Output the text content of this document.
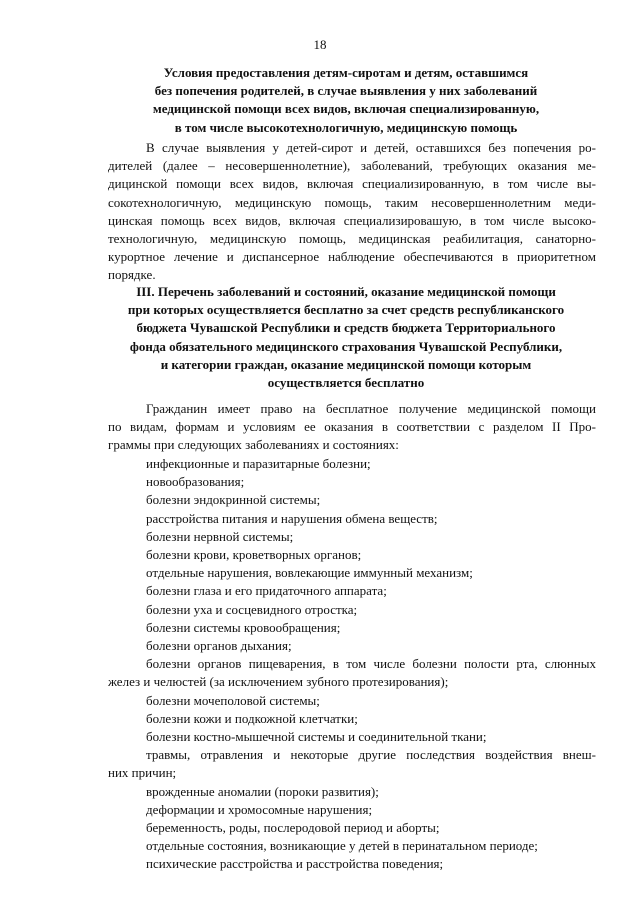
18
Условия предоставления детям-сиротам и детям, оставшимся
без попечения родителей, в случае выявления у них заболеваний
медицинской помощи всех видов, включая специализированную,
в том числе высокотехнологичную, медицинскую помощь
В случае выявления у детей-сирот и детей, оставшихся без попечения ро-
дителей (далее – несовершеннолетние), заболеваний, требующих оказания ме-
дицинской помощи всех видов, включая специализированную, в том числе вы-
сокотехнологичную, медицинскую помощь, таким несовершеннолетним меди-
цинская помощь всех видов, включая специализировашую, в том числе высоко-
технологичную, медицинскую помощь, медицинская реабилитация, санаторно-
курортное лечение и диспансерное наблюдение обеспечиваются в приоритетном
порядке.
III. Перечень заболеваний и состояний, оказание медицинской помощи
при которых осуществляется бесплатно за счет средств республиканского
бюджета Чувашской Республики и средств бюджета Территориального
фонда обязательного медицинского страхования Чувашской Республики,
и категории граждан, оказание медицинской помощи которым
осуществляется бесплатно
Гражданин имеет право на бесплатное получение медицинской помощи
по видам, формам и условиям ее оказания в соответствии с разделом II Про-
граммы при следующих заболеваниях и состояниях:
инфекционные и паразитарные болезни;
новообразования;
болезни эндокринной системы;
расстройства питания и нарушения обмена веществ;
болезни нервной системы;
болезни крови, кроветворных органов;
отдельные нарушения, вовлекающие иммунный механизм;
болезни глаза и его придаточного аппарата;
болезни уха и сосцевидного отростка;
болезни системы кровообращения;
болезни органов дыхания;
болезни органов пищеварения, в том числе болезни полости рта, слюнных
желез и челюстей (за исключением зубного протезирования);
болезни мочеполовой системы;
болезни кожи и подкожной клетчатки;
болезни костно-мышечной системы и соединительной ткани;
травмы, отравления и некоторые другие последствия воздействия внеш-
них причин;
врожденные аномалии (пороки развития);
деформации и хромосомные нарушения;
беременность, роды, послеродовой период и аборты;
отдельные состояния, возникающие у детей в перинатальном периоде;
психические расстройства и расстройства поведения;
